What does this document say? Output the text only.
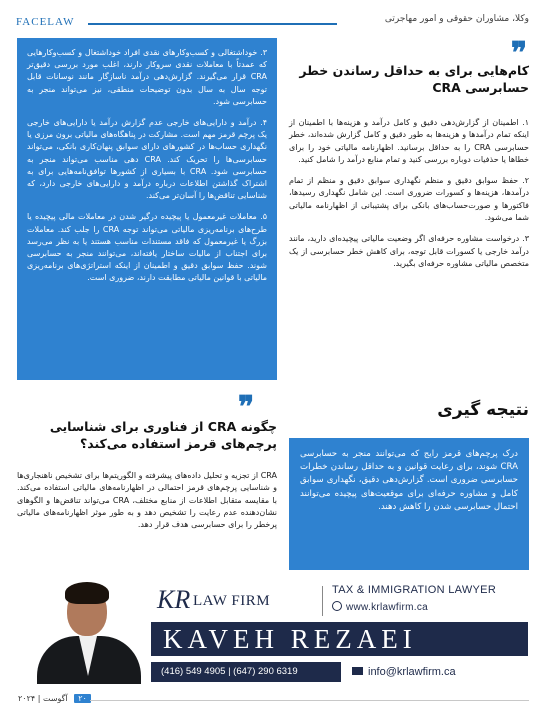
FACELAW	وکلا، مشاوران حقوقی و امور مهاجرتی

۳. خوداشتغالی و کسب‌وکارهای نقدی افراد خوداشتغال و کسب‌وکارهایی که عمدتاً با معاملات نقدی سروکار دارند، اغلب مورد بررسی دقیق‌تر CRA قرار می‌گیرند. گزارش‌دهی درآمد ناسازگار مانند نوسانات قابل توجه سال به سال بدون توضیحات منطقی، نیز می‌تواند منجر به حسابرسی شود.

۴. درآمد و دارایی‌های خارجی عدم گزارش درآمد یا دارایی‌های خارجی یک پرچم قرمز مهم است. مشارکت در پناهگاه‌های مالیاتی برون مرزی یا نگهداری حساب‌ها در کشورهای دارای سوابق پنهان‌کاری بانکی، می‌تواند حسابرسی‌ها را تحریک کند. CRA دهی مناسب می‌تواند منجر به حسابرسی شود. CRA با بسیاری از کشورها توافق‌نامه‌هایی برای به اشتراک گذاشتن اطلاعات درباره درآمد و دارایی‌های خارجی دارد، که شناسایی تناقض‌ها را آسان‌تر می‌کند.

۵. معاملات غیرمعمول یا پیچیده درگیر شدن در معاملات مالی پیچیده یا طرح‌های برنامه‌ریزی مالیاتی می‌تواند توجه CRA را جلب کند. معاملات بزرگ یا غیرمعمول که فاقد مستندات مناسب هستند یا به نظر می‌رسد برای اجتناب از مالیات ساختار یافته‌اند، می‌توانند منجر به حسابرسی شوند. حفظ سوابق دقیق و اطمینان از اینکه استراتژی‌های برنامه‌ریزی مالیاتی با قوانین مالیاتی مطابقت دارند، ضروری است.

❞
کام‌هایی برای به حداقل رساندن خطر حسابرسی CRA

۱. اطمینان از گزارش‌دهی دقیق و کامل درآمد و هزینه‌ها با اطمینان از اینکه تمام درآمدها و هزینه‌ها به طور دقیق و کامل گزارش شده‌اند، خطر حسابرسی CRA را به حداقل برسانید. اظهارنامه مالیاتی خود را برای خطاها یا حذفیات دوباره بررسی کنید و تمام منابع درآمد را شامل کنید.

۲. حفظ سوابق دقیق و منظم نگهداری سوابق دقیق و منظم از تمام درآمدها، هزینه‌ها و کسورات ضروری است. این شامل نگهداری رسیدها، فاکتورها و صورت‌حساب‌های بانکی برای پشتیبانی از اظهارنامه مالیاتی شما می‌شود.

۳. درخواست مشاوره حرفه‌ای اگر وضعیت مالیاتی پیچیده‌ای دارید، مانند درآمد خارجی یا کسورات قابل توجه، برای کاهش خطر حسابرسی از یک متخصص مالیاتی مشاوره حرفه‌ای بگیرید.

نتیجه گیری

درک پرچم‌های قرمز رایج که می‌توانند منجر به حسابرسی CRA شوند، برای رعایت قوانین و به حداقل رساندن خطرات حسابرسی ضروری است. گزارش‌دهی دقیق، نگهداری سوابق کامل و مشاوره حرفه‌ای برای موقعیت‌های پیچیده می‌توانند احتمال حسابرسی شدن را کاهش دهند.

❞
چگونه CRA از فناوری برای شناسایی پرچم‌های قرمز استفاده می‌کند؟

CRA از تجزیه و تحلیل داده‌های پیشرفته و الگوریتم‌ها برای تشخیص ناهنجاری‌ها و شناسایی پرچم‌های قرمز احتمالی در اظهارنامه‌های مالیاتی استفاده می‌کند. با مقایسه متقابل اطلاعات از منابع مختلف، CRA می‌تواند تناقض‌ها و الگوهای نشان‌دهنده عدم رعایت را تشخیص دهد و به طور موثر اظهارنامه‌های مالیاتی پرخطر را برای حسابرسی هدف قرار دهد.

KR LAW FIRM
TAX & IMMIGRATION LAWYER
www.krlawfirm.ca
KAVEH REZAEI
(416) 549 4905 | (647) 290 6319	info@krlawfirm.ca
۲۰ آگوست | ۲۰۲۴
